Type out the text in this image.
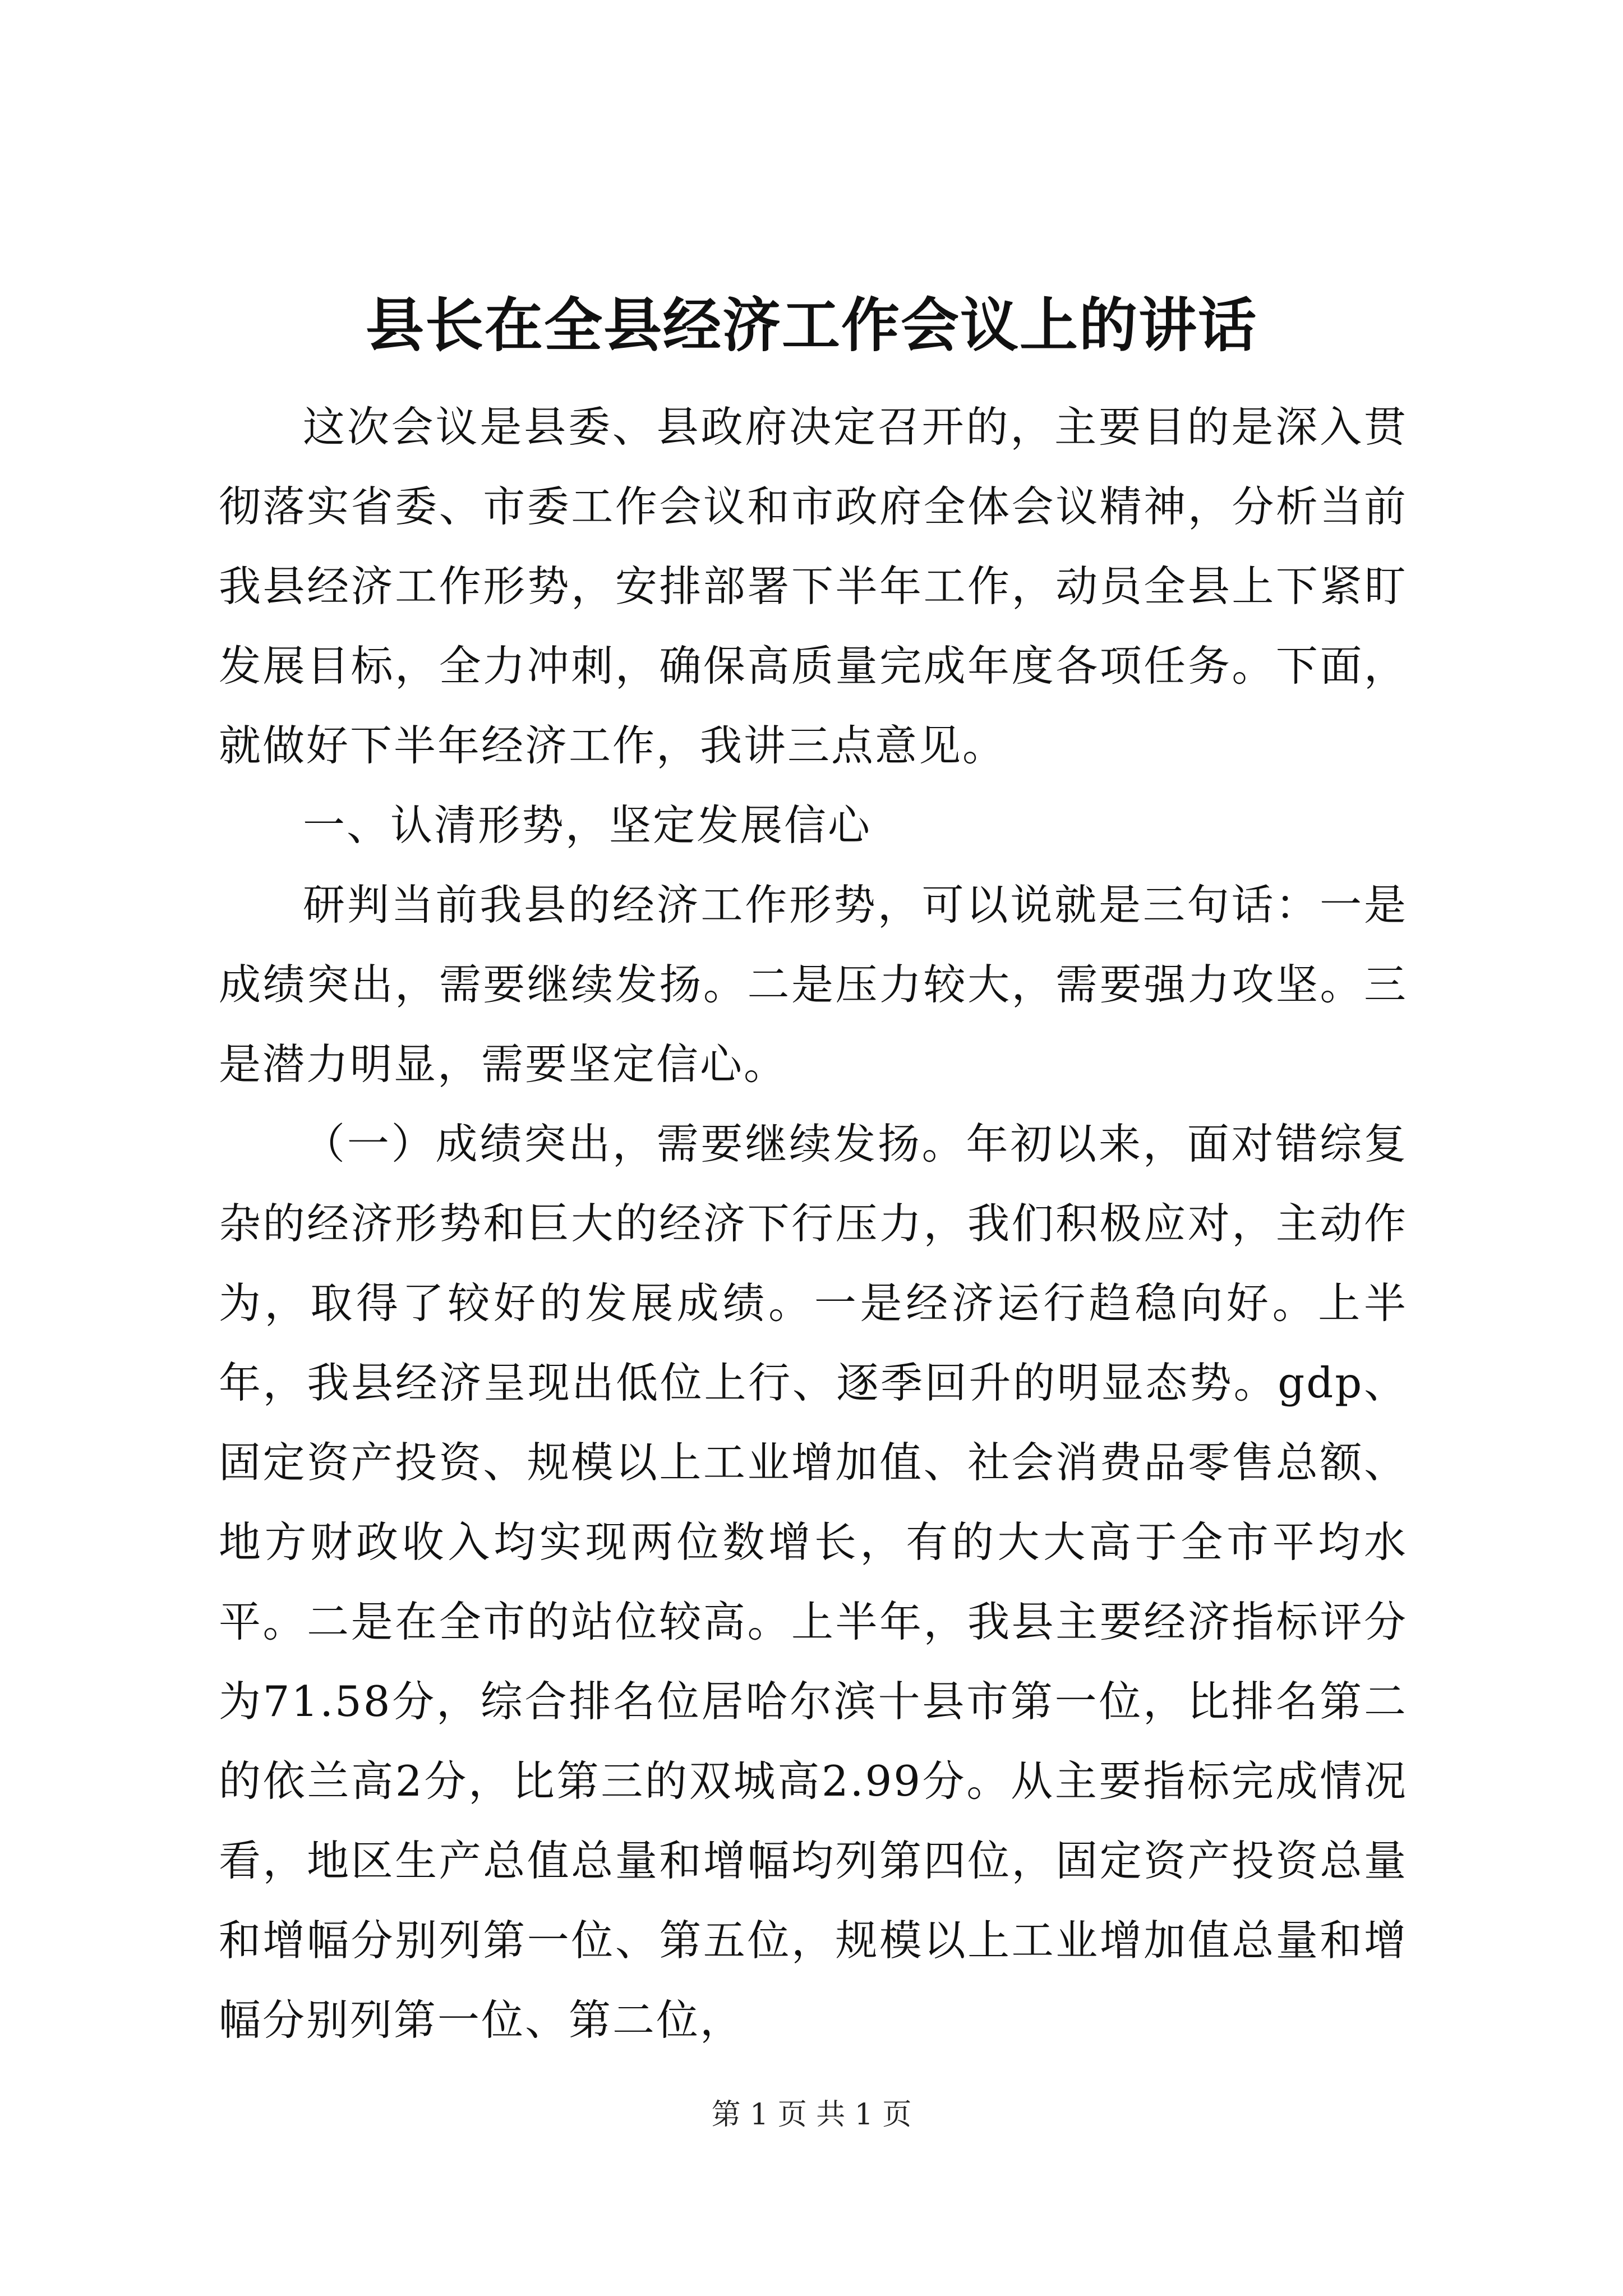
县长在全县经济工作会议上的讲话

这次会议是县委、县政府决定召开的，主要目的是深入贯彻落实省委、市委工作会议和市政府全体会议精神，分析当前我县经济工作形势，安排部署下半年工作，动员全县上下紧盯发展目标，全力冲刺，确保高质量完成年度各项任务。下面，就做好下半年经济工作，我讲三点意见。

一、认清形势，坚定发展信心

研判当前我县的经济工作形势，可以说就是三句话：一是成绩突出，需要继续发扬。二是压力较大，需要强力攻坚。三是潜力明显，需要坚定信心。

（一）成绩突出，需要继续发扬。年初以来，面对错综复杂的经济形势和巨大的经济下行压力，我们积极应对，主动作为，取得了较好的发展成绩。一是经济运行趋稳向好。上半年，我县经济呈现出低位上行、逐季回升的明显态势。gdp、固定资产投资、规模以上工业增加值、社会消费品零售总额、地方财政收入均实现两位数增长，有的大大高于全市平均水平。二是在全市的站位较高。上半年，我县主要经济指标评分为71.58分，综合排名位居哈尔滨十县市第一位，比排名第二的依兰高2分，比第三的双城高2.99分。从主要指标完成情况看，地区生产总值总量和增幅均列第四位，固定资产投资总量和增幅分别列第一位、第五位，规模以上工业增加值总量和增幅分别列第一位、第二位，

第 1 页 共 1 页
